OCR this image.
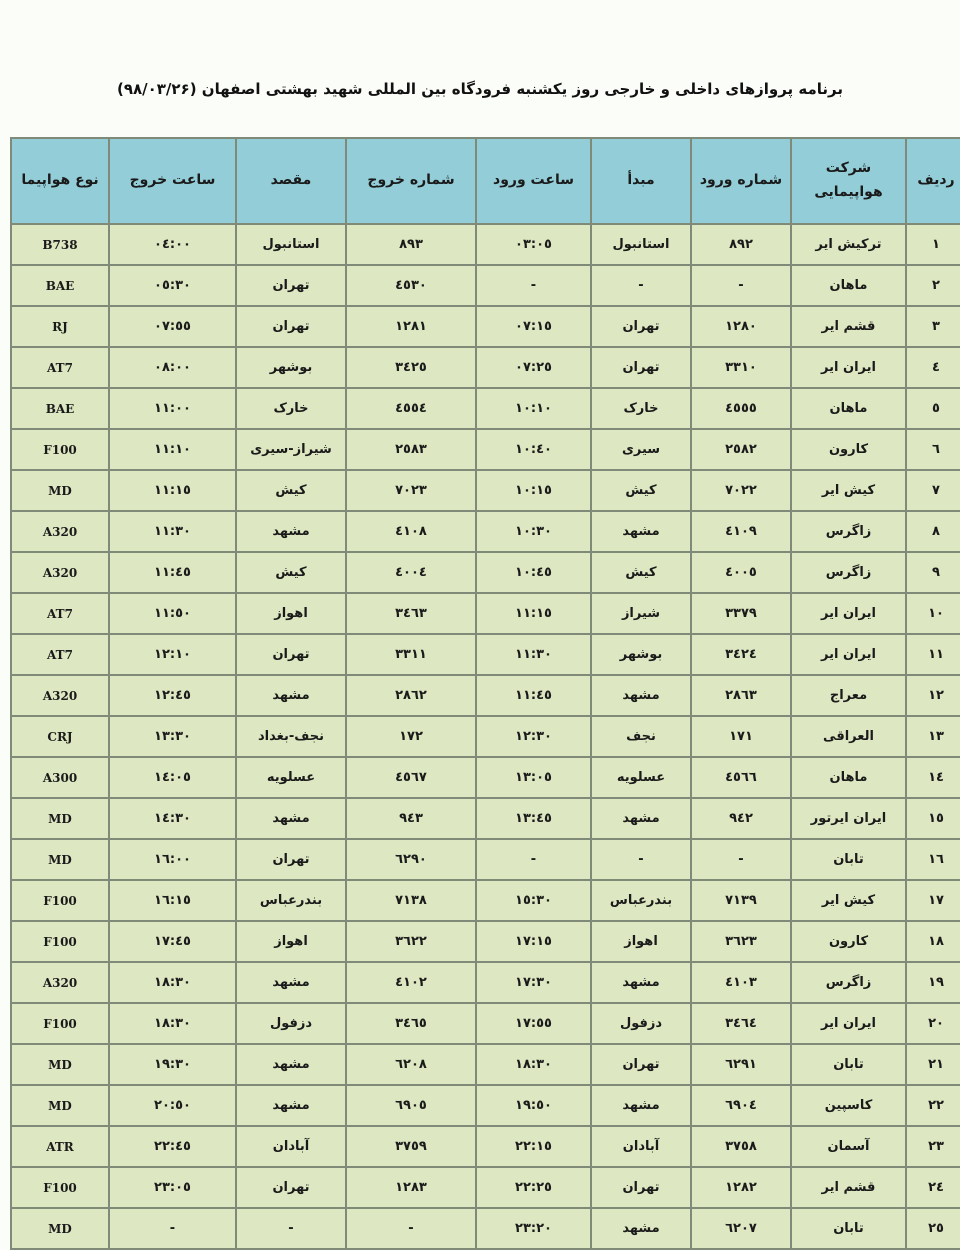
برنامه پروازهای داخلی و خارجی روز یکشنبه فرودگاه بین المللی شهید بهشتی اصفهان (۹۸/۰۳/۲۶)
ردیف	شرکت هواپیمایی	شماره ورود	مبدأ	ساعت ورود	شماره خروج	مقصد	ساعت خروج	نوع هواپیما
١	ترکیش ایر	٨٩٢	استانبول	٠٣:٠٥	٨٩٣	استانبول	٠٤:٠٠	B738
٢	ماهان	-	-	-	٤٥٣٠	تهران	٠٥:٣٠	BAE
٣	قشم ایر	١٢٨٠	تهران	٠٧:١٥	١٢٨١	تهران	٠٧:٥٥	RJ
٤	ایران ایر	٣٣١٠	تهران	٠٧:٢٥	٣٤٢٥	بوشهر	٠٨:٠٠	AT7
٥	ماهان	٤٥٥٥	خارک	١٠:١٠	٤٥٥٤	خارک	١١:٠٠	BAE
٦	کارون	٢٥٨٢	سیری	١٠:٤٠	٢٥٨٣	شیراز-سیری	١١:١٠	F100
٧	کیش ایر	٧٠٢٢	کیش	١٠:١٥	٧٠٢٣	کیش	١١:١٥	MD
٨	زاگرس	٤١٠٩	مشهد	١٠:٣٠	٤١٠٨	مشهد	١١:٣٠	A320
٩	زاگرس	٤٠٠٥	کیش	١٠:٤٥	٤٠٠٤	کیش	١١:٤٥	A320
١٠	ایران ایر	٣٣٧٩	شیراز	١١:١٥	٣٤٦٣	اهواز	١١:٥٠	AT7
١١	ایران ایر	٣٤٢٤	بوشهر	١١:٣٠	٣٣١١	تهران	١٢:١٠	AT7
١٢	معراج	٢٨٦٣	مشهد	١١:٤٥	٢٨٦٢	مشهد	١٢:٤٥	A320
١٣	العراقی	١٧١	نجف	١٢:٣٠	١٧٢	نجف-بغداد	١٣:٣٠	CRJ
١٤	ماهان	٤٥٦٦	عسلویه	١٣:٠٥	٤٥٦٧	عسلویه	١٤:٠٥	A300
١٥	ایران ایرتور	٩٤٢	مشهد	١٣:٤٥	٩٤٣	مشهد	١٤:٣٠	MD
١٦	تابان	-	-	-	٦٢٩٠	تهران	١٦:٠٠	MD
١٧	کیش ایر	٧١٣٩	بندرعباس	١٥:٣٠	٧١٣٨	بندرعباس	١٦:١٥	F100
١٨	کارون	٣٦٢٣	اهواز	١٧:١٥	٣٦٢٢	اهواز	١٧:٤٥	F100
١٩	زاگرس	٤١٠٣	مشهد	١٧:٣٠	٤١٠٢	مشهد	١٨:٣٠	A320
٢٠	ایران ایر	٣٤٦٤	دزفول	١٧:٥٥	٣٤٦٥	دزفول	١٨:٣٠	F100
٢١	تابان	٦٢٩١	تهران	١٨:٣٠	٦٢٠٨	مشهد	١٩:٣٠	MD
٢٢	کاسپین	٦٩٠٤	مشهد	١٩:٥٠	٦٩٠٥	مشهد	٢٠:٥٠	MD
٢٣	آسمان	٣٧٥٨	آبادان	٢٢:١٥	٣٧٥٩	آبادان	٢٢:٤٥	ATR
٢٤	قشم ایر	١٢٨٢	تهران	٢٢:٢٥	١٢٨٣	تهران	٢٣:٠٥	F100
٢٥	تابان	٦٢٠٧	مشهد	٢٣:٢٠	-	-	-	MD
